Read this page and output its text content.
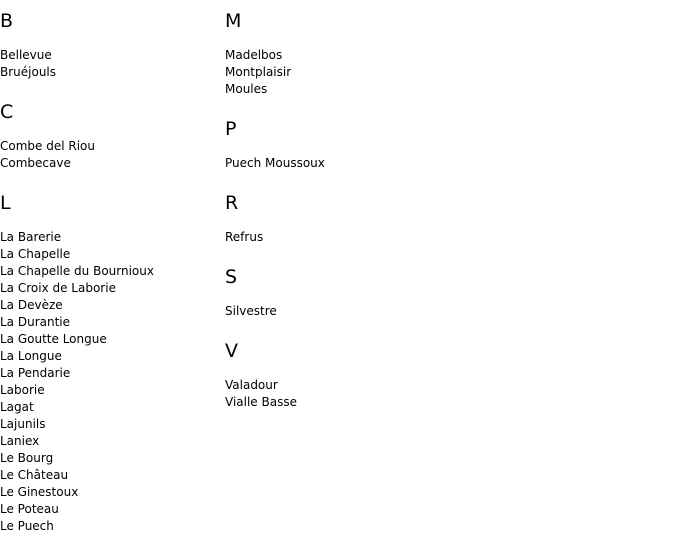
B
Bellevue
Bruéjouls
C
Combe del Riou
Combecave
L
La Barerie
La Chapelle
La Chapelle du Bournioux
La Croix de Laborie
La Devèze
La Durantie
La Goutte Longue
La Longue
La Pendarie
Laborie
Lagat
Lajunils
Laniex
Le Bourg
Le Château
Le Ginestoux
Le Poteau
Le Puech
M
Madelbos
Montplaisir
Moules
P
Puech Moussoux
R
Refrus
S
Silvestre
V
Valadour
Vialle Basse
